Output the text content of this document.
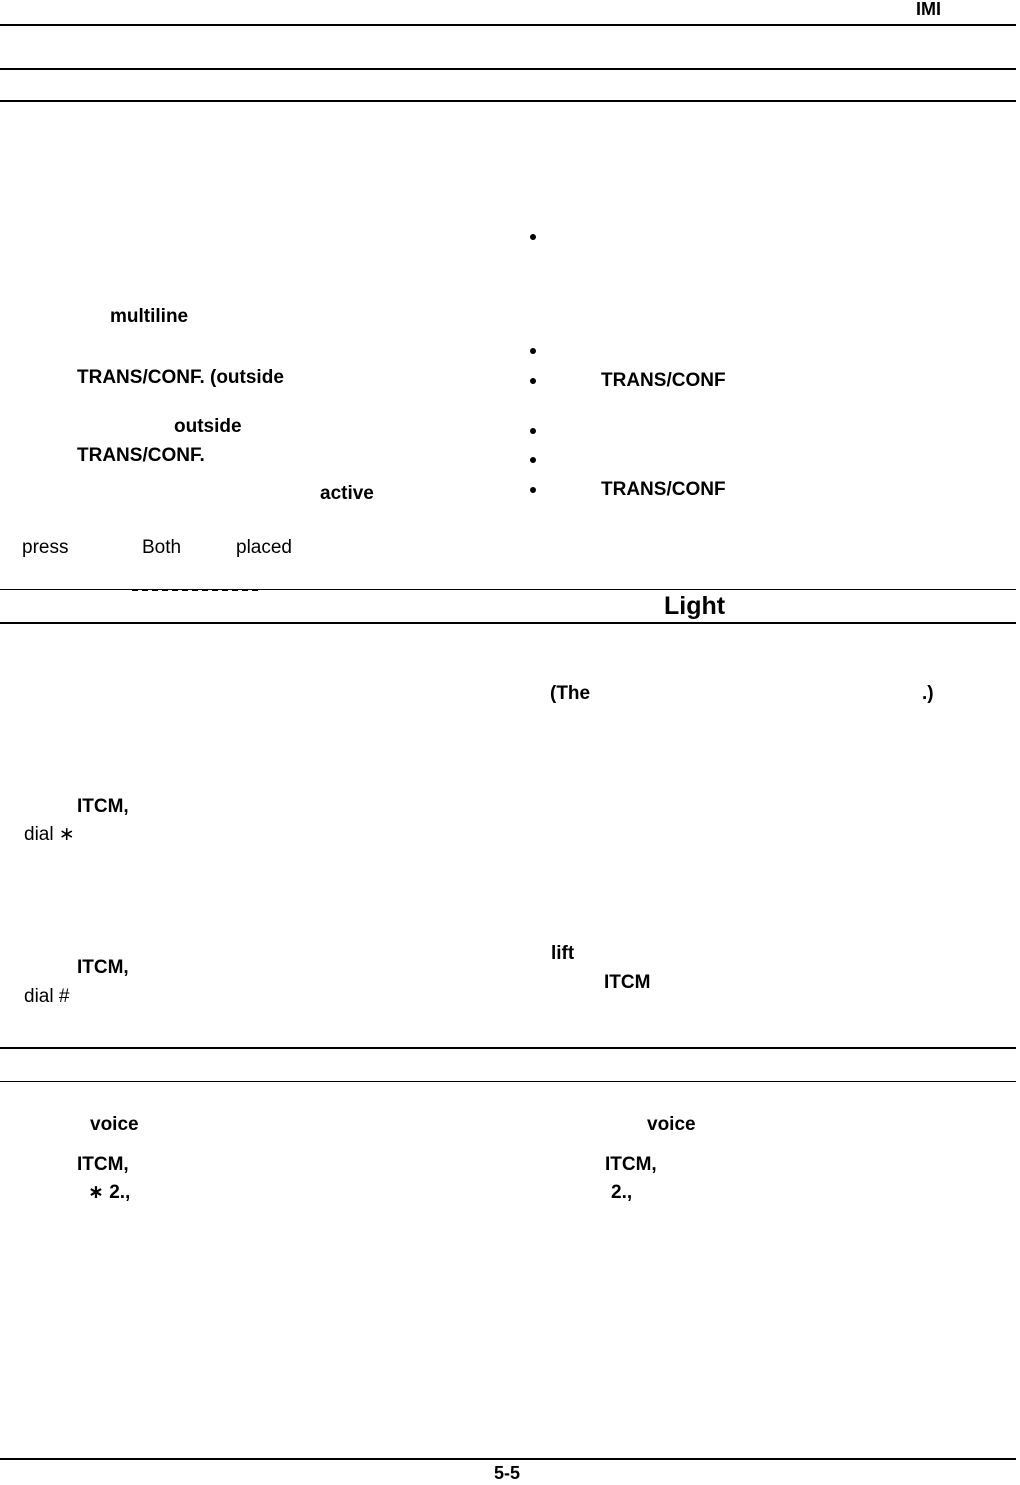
IMI
multiline
TRANS/CONF. (outside
outside
TRANS/CONF.
active
press	Both	placed
TRANS/CONF
TRANS/CONF
Light
ITCM,
dial ∗
ITCM,
dial #
(The	.)
lift
ITCM
voice
ITCM,
∗ 2.,
voice
ITCM,
2.,
5-5
